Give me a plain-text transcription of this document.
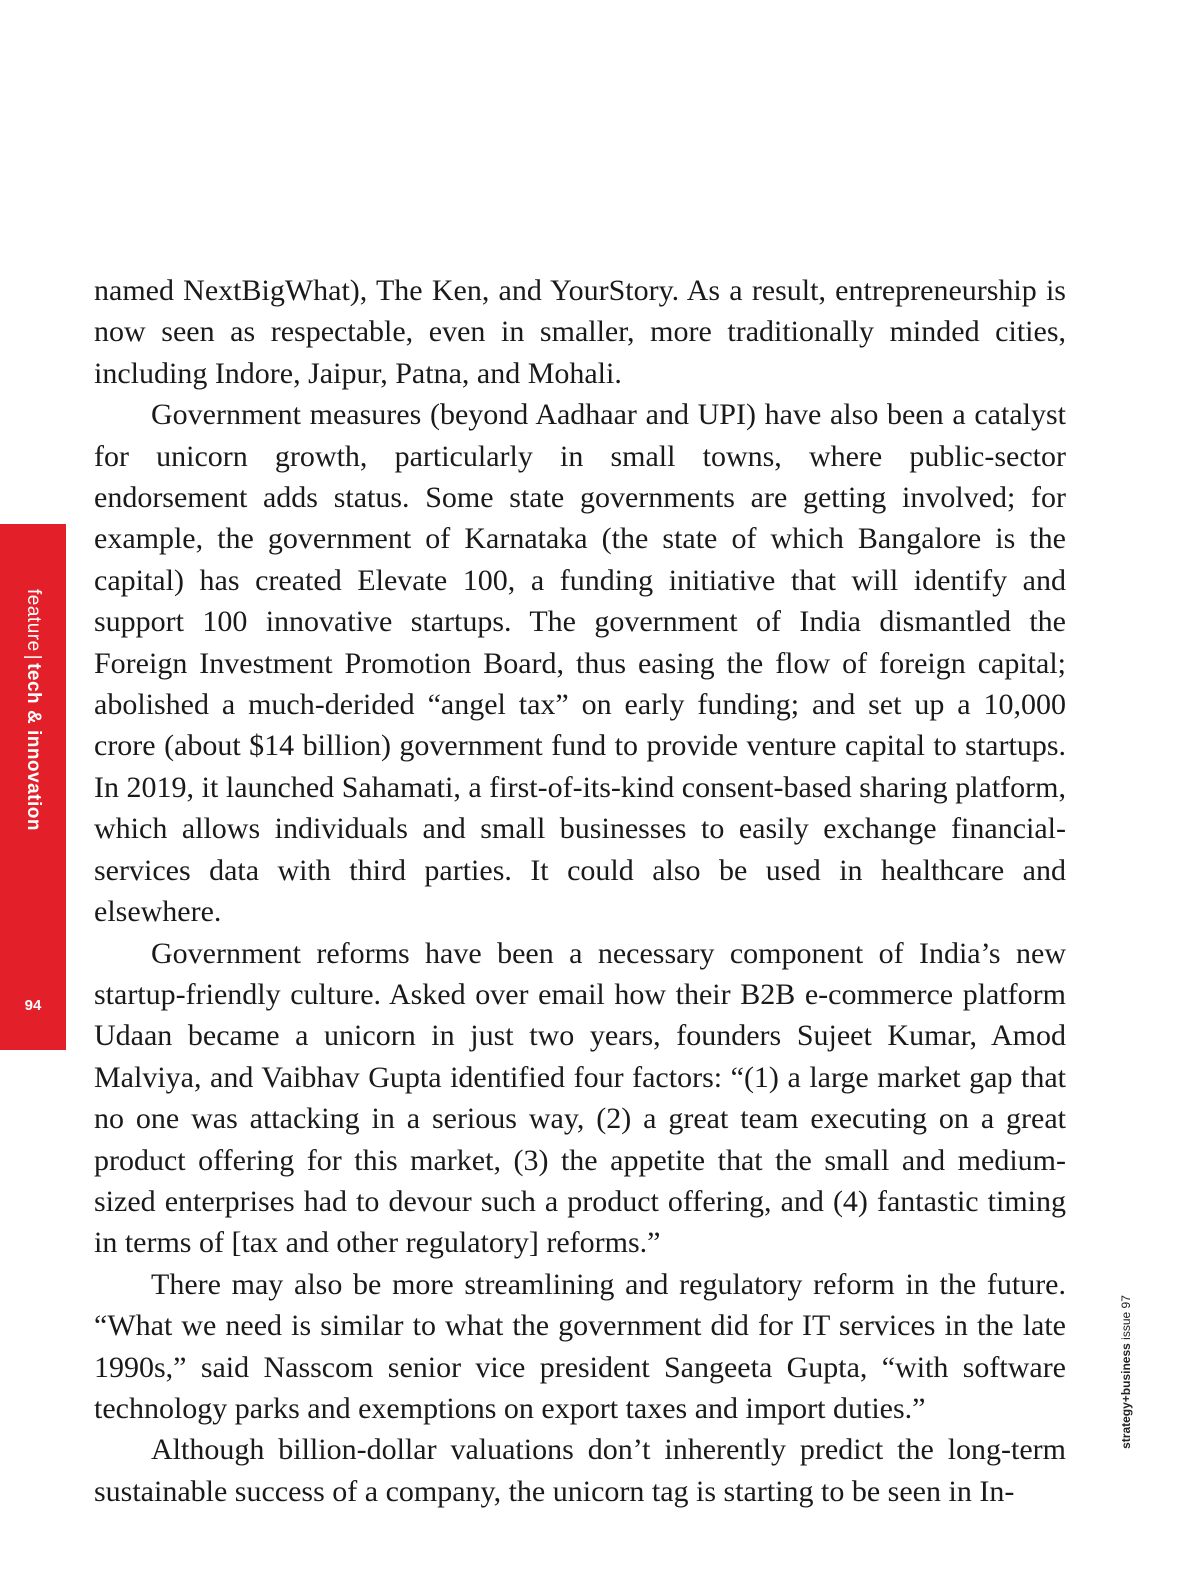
feature|tech & innovation
94

named NextBigWhat), The Ken, and YourStory. As a result, entrepreneurship is now seen as respectable, even in smaller, more traditionally minded cities, including Indore, Jaipur, Patna, and Mohali.

Government measures (beyond Aadhaar and UPI) have also been a catalyst for unicorn growth, particularly in small towns, where public-sector endorsement adds status. Some state governments are getting involved; for example, the government of Karnataka (the state of which Bangalore is the capital) has created Elevate 100, a funding initiative that will identify and support 100 innovative startups. The government of India dismantled the Foreign Investment Promotion Board, thus easing the flow of foreign capital; abolished a much-derided “angel tax” on early funding; and set up a 10,000 crore (about $14 billion) government fund to provide venture capital to startups. In 2019, it launched Sahamati, a first-of-its-kind consent-based sharing platform, which allows individuals and small businesses to easily exchange financial-services data with third parties. It could also be used in healthcare and elsewhere.

Government reforms have been a necessary component of India’s new startup-friendly culture. Asked over email how their B2B e-commerce platform Udaan became a unicorn in just two years, founders Sujeet Kumar, Amod Malviya, and Vaibhav Gupta identified four factors: “(1) a large market gap that no one was attacking in a serious way, (2) a great team executing on a great product offering for this market, (3) the appetite that the small and medium-sized enterprises had to devour such a product offering, and (4) fantastic timing in terms of [tax and other regulatory] reforms.”

There may also be more streamlining and regulatory reform in the future. “What we need is similar to what the government did for IT services in the late 1990s,” said Nasscom senior vice president Sangeeta Gupta, “with software technology parks and exemptions on export taxes and import duties.”

Although billion-dollar valuations don’t inherently predict the long-term sustainable success of a company, the unicorn tag is starting to be seen in In-

strategy+business issue 97
